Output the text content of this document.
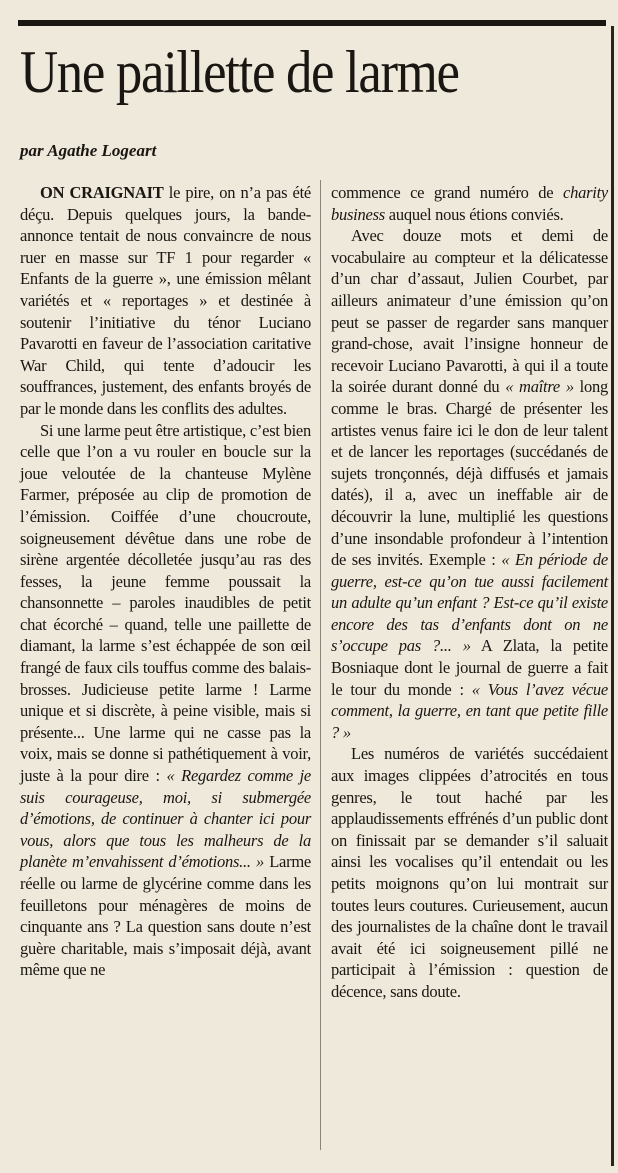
Une paillette de larme
par Agathe Logeart

ON CRAIGNAIT le pire, on n’a pas été déçu. Depuis quelques jours, la bande-annonce tentait de nous convaincre de nous ruer en masse sur TF 1 pour regarder « Enfants de la guerre », une émission mêlant variétés et « reportages » et destinée à soutenir l’initiative du ténor Luciano Pavarotti en faveur de l’association caritative War Child, qui tente d’adoucir les souffrances, justement, des enfants broyés de par le monde dans les conflits des adultes.

Si une larme peut être artistique, c’est bien celle que l’on a vu rouler en boucle sur la joue veloutée de la chanteuse Mylène Farmer, préposée au clip de promotion de l’émission. Coiffée d’une choucroute, soigneusement dévêtue dans une robe de sirène argentée décolletée jusqu’au ras des fesses, la jeune femme poussait la chansonnette – paroles inaudibles de petit chat écorché – quand, telle une paillette de diamant, la larme s’est échappée de son œil frangé de faux cils touffus comme des balais-brosses. Judicieuse petite larme ! Larme unique et si discrète, à peine visible, mais si présente... Une larme qui ne casse pas la voix, mais se donne si pathétiquement à voir, juste à la pour dire : « Regardez comme je suis courageuse, moi, si submergée d’émotions, de continuer à chanter ici pour vous, alors que tous les malheurs de la planète m’envahissent d’émotions... » Larme réelle ou larme de glycérine comme dans les feuilletons pour ménagères de moins de cinquante ans ? La question sans doute n’est guère charitable, mais s’imposait déjà, avant même que ne

commence ce grand numéro de charity business auquel nous étions conviés.

Avec douze mots et demi de vocabulaire au compteur et la délicatesse d’un char d’assaut, Julien Courbet, par ailleurs animateur d’une émission qu’on peut se passer de regarder sans manquer grand-chose, avait l’insigne honneur de recevoir Luciano Pavarotti, à qui il a toute la soirée durant donné du « maître » long comme le bras. Chargé de présenter les artistes venus faire ici le don de leur talent et de lancer les reportages (succédanés de sujets tronçonnés, déjà diffusés et jamais datés), il a, avec un ineffable air de découvrir la lune, multiplié les questions d’une insondable profondeur à l’intention de ses invités. Exemple : « En période de guerre, est-ce qu’on tue aussi facilement un adulte qu’un enfant ? Est-ce qu’il existe encore des tas d’enfants dont on ne s’occupe pas ?... » A Zlata, la petite Bosniaque dont le journal de guerre a fait le tour du monde : « Vous l’avez vécue comment, la guerre, en tant que petite fille ? »

Les numéros de variétés succédaient aux images clippées d’atrocités en tous genres, le tout haché par les applaudissements effrénés d’un public dont on finissait par se demander s’il saluait ainsi les vocalises qu’il entendait ou les petits moignons qu’on lui montrait sur toutes leurs coutures. Curieusement, aucun des journalistes de la chaîne dont le travail avait été ici soigneusement pillé ne participait à l’émission : question de décence, sans doute.
